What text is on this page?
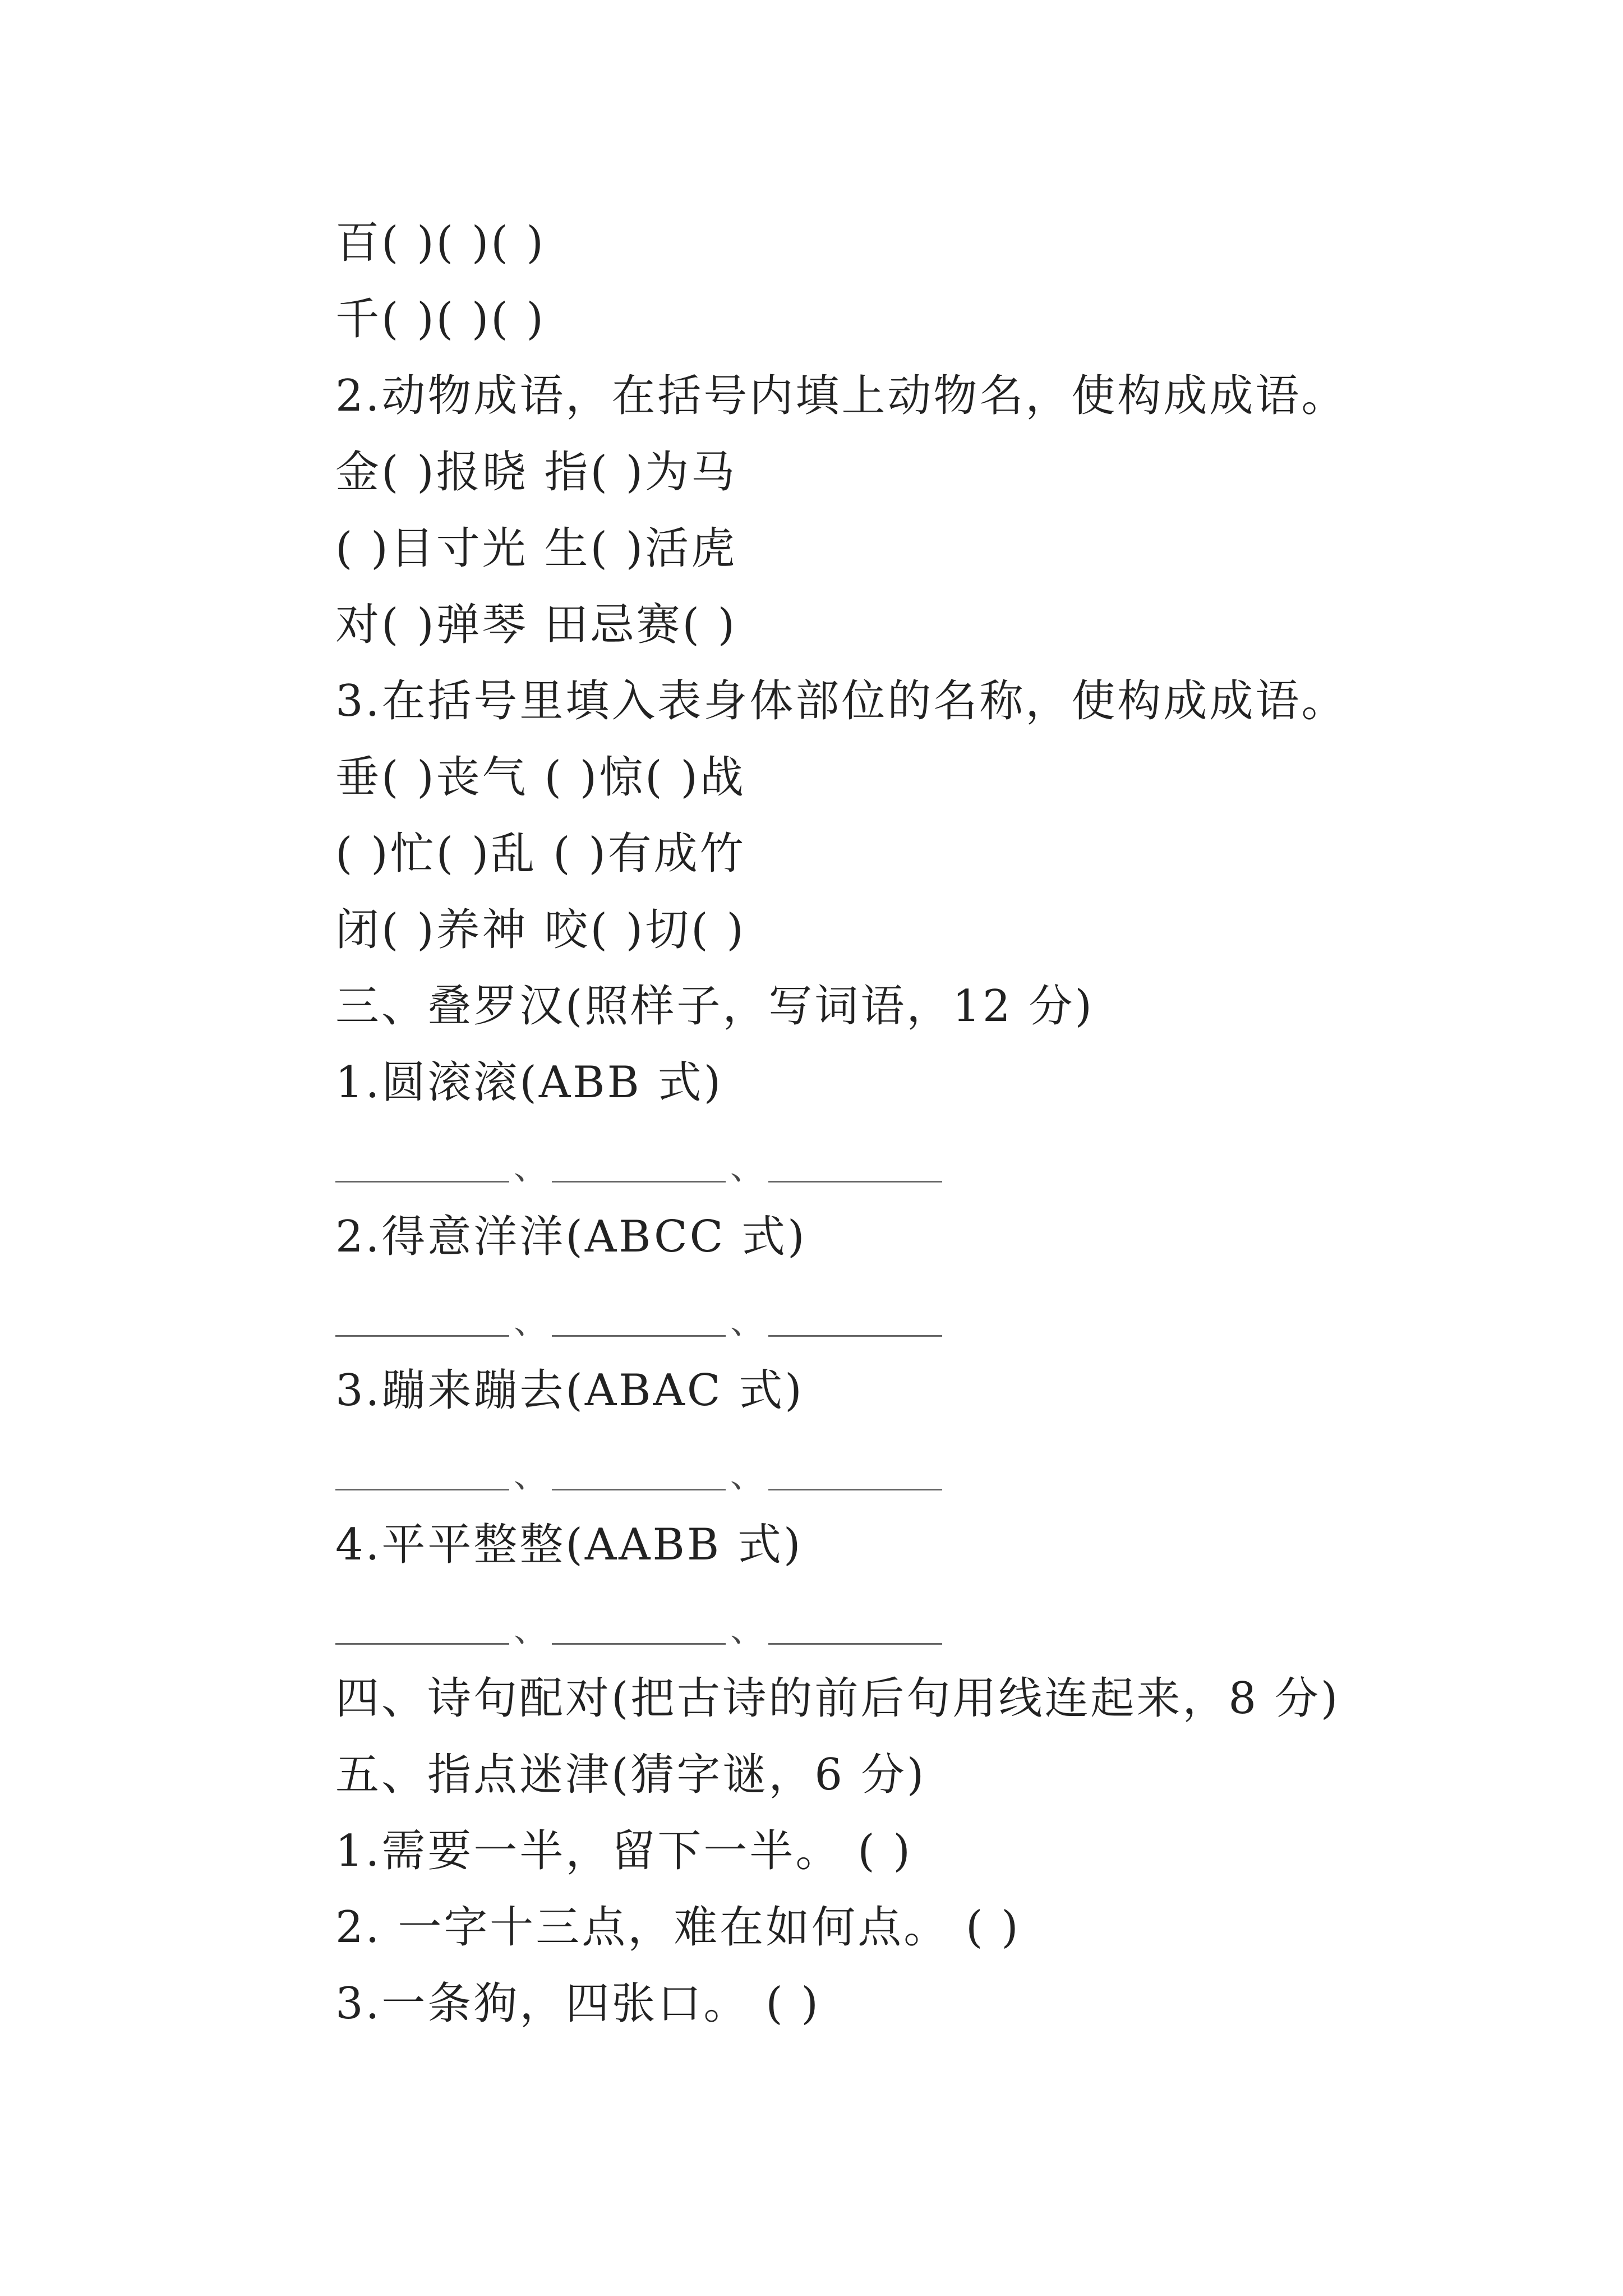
百( )( )( )
千( )( )( )
2.动物成语，在括号内填上动物名，使构成成语。
金( )报晓 指( )为马
( )目寸光 生( )活虎
对( )弹琴 田忌赛( )
3.在括号里填入表身体部位的名称，使构成成语。
垂( )丧气 ( )惊( )战
( )忙( )乱 ( )有成竹
闭( )养神 咬( )切( )
三、叠罗汉(照样子，写词语，12 分)
1.圆滚滚(ABB 式)
、	、
2.得意洋洋(ABCC 式)
、	、
3.蹦来蹦去(ABAC 式)
、	、
4.平平整整(AABB 式)
、	、
四、诗句配对(把古诗的前后句用线连起来，8 分)
五、指点迷津(猜字谜，6 分)
1.需要一半，留下一半。 ( )
2. 一字十三点，难在如何点。 ( )
3.一条狗，四张口。 ( )
